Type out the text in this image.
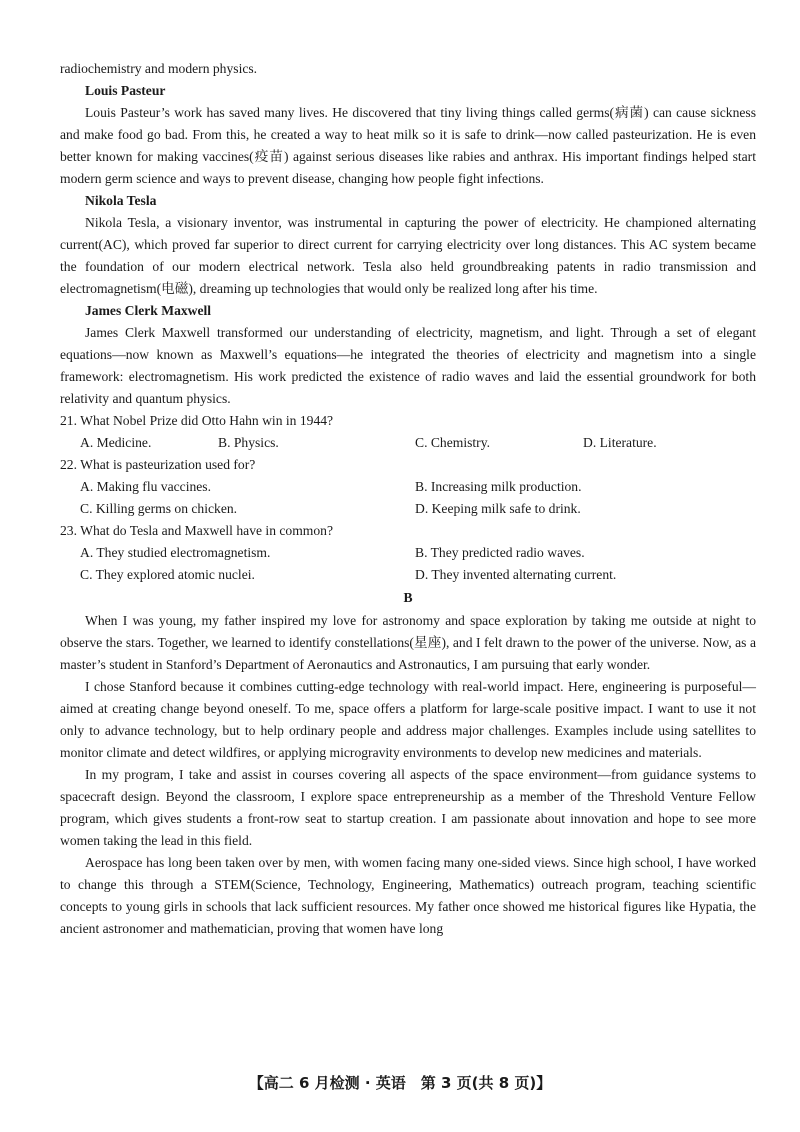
radiochemistry and modern physics.

Louis Pasteur

Louis Pasteur’s work has saved many lives. He discovered that tiny living things called germs(病菌) can cause sickness and make food go bad. From this, he created a way to heat milk so it is safe to drink—now called pasteurization. He is even better known for making vaccines(疫苗) against serious diseases like rabies and anthrax. His important findings helped start modern germ science and ways to prevent disease, changing how people fight infections.

Nikola Tesla

Nikola Tesla, a visionary inventor, was instrumental in capturing the power of electricity. He championed alternating current(AC), which proved far superior to direct current for carrying electricity over long distances. This AC system became the foundation of our modern electrical network. Tesla also held groundbreaking patents in radio transmission and electromagnetism(电磁), dreaming up technologies that would only be realized long after his time.

James Clerk Maxwell

James Clerk Maxwell transformed our understanding of electricity, magnetism, and light. Through a set of elegant equations—now known as Maxwell’s equations—he integrated the theories of electricity and magnetism into a single framework: electromagnetism. His work predicted the existence of radio waves and laid the essential groundwork for both relativity and quantum physics.

21. What Nobel Prize did Otto Hahn win in 1944?
A. Medicine.	B. Physics.	C. Chemistry.	D. Literature.
22. What is pasteurization used for?
A. Making flu vaccines.	B. Increasing milk production.
C. Killing germs on chicken.	D. Keeping milk safe to drink.
23. What do Tesla and Maxwell have in common?
A. They studied electromagnetism.	B. They predicted radio waves.
C. They explored atomic nuclei.	D. They invented alternating current.
B

When I was young, my father inspired my love for astronomy and space exploration by taking me outside at night to observe the stars. Together, we learned to identify constellations(星座), and I felt drawn to the power of the universe. Now, as a master’s student in Stanford’s Department of Aeronautics and Astronautics, I am pursuing that early wonder.

I chose Stanford because it combines cutting-edge technology with real-world impact. Here, engineering is purposeful—aimed at creating change beyond oneself. To me, space offers a platform for large-scale positive impact. I want to use it not only to advance technology, but to help ordinary people and address major challenges. Examples include using satellites to monitor climate and detect wildfires, or applying microgravity environments to develop new medicines and materials.

In my program, I take and assist in courses covering all aspects of the space environment—from guidance systems to spacecraft design. Beyond the classroom, I explore space entrepreneurship as a member of the Threshold Venture Fellow program, which gives students a front-row seat to startup creation. I am passionate about innovation and hope to see more women taking the lead in this field.

Aerospace has long been taken over by men, with women facing many one-sided views. Since high school, I have worked to change this through a STEM(Science, Technology, Engineering, Mathematics) outreach program, teaching scientific concepts to young girls in schools that lack sufficient resources. My father once showed me historical figures like Hypatia, the ancient astronomer and mathematician, proving that women have long

【高二 6 月检测 · 英语　第 3 页(共 8 页)】
